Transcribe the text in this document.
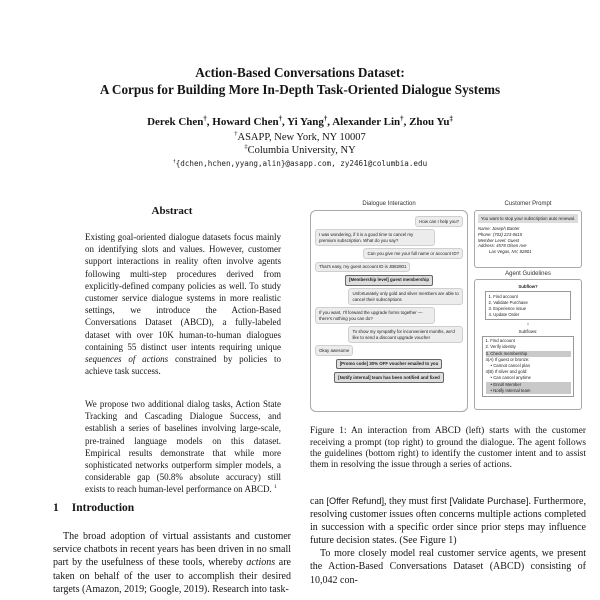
Action-Based Conversations Dataset:
A Corpus for Building More In-Depth Task-Oriented Dialogue Systems
Derek Chen†, Howard Chen†, Yi Yang†, Alexander Lin†, Zhou Yu‡
†ASAPP, New York, NY 10007
‡Columbia University, NY
†{dchen,hchen,yyang,alin}@asapp.com, zy2461@columbia.edu
Abstract

Existing goal-oriented dialogue datasets focus mainly on identifying slots and values. However, customer support interactions in reality often involve agents following multi-step procedures derived from explicitly-defined company policies as well. To study customer service dialogue systems in more realistic settings, we introduce the Action-Based Conversations Dataset (ABCD), a fully-labeled dataset with over 10K human-to-human dialogues containing 55 distinct user intents requiring unique sequences of actions constrained by policies to achieve task success.

We propose two additional dialog tasks, Action State Tracking and Cascading Dialogue Success, and establish a series of baselines involving large-scale, pre-trained language models on this dataset. Empirical results demonstrate that while more sophisticated networks outperform simpler models, a considerable gap (50.8% absolute accuracy) still exists to reach human-level performance on ABCD. $^1$

1 Introduction

The broad adoption of virtual assistants and customer service chatbots in recent years has been driven in no small part by the usefulness of these tools, whereby actions are taken on behalf of the user to accomplish their desired targets (Amazon, 2019; Google, 2019). Research into task-

Dialogue Interaction
How can I help you?
I was wondering, if it is a good time to cancel my premium subscription. What do you say?
Can you give me your full name or account ID?
That's easy, my guest account ID is JB82801
[Membership level] guest membership
Unfortunately only gold and silver members are able to cancel their subscriptions
If you want, I'll forward the upgrade forms together — there's nothing you can do?
To show my sympathy for inconvenient months, we'd like to send a discount upgrade voucher
Okay awesome
[Promo code] 30% OFF voucher emailed to you
[Notify internal] team has been notified and fixed
Customer Prompt
You want to stop your subscription auto renewal.
Name: Joseph Banter
Phone: (703) 223-0615
Member Level: Guest
Address: 4578 Olsen Ave
Las Vegas, NV, 82801
Agent Guidelines
Subflow?
1. Find account
2. Validate Purchase
3. Experience issue
4. Update Order
↓
Subflows:
1. Find account
2. Verify identity
3. Check membership
4(A) If guest or bronze:
• Cannot cancel plan
4(B) If silver and gold:
• Can cancel anytime
• Enroll Member
• Notify Internal team

Figure 1: An interaction from ABCD (left) starts with the customer receiving a prompt (top right) to ground the dialogue. The agent follows the guidelines (bottom right) to identify the customer intent and to assist them in resolving the issue through a series of actions.

can [Offer Refund], they must first [Validate Purchase]. Furthermore, resolving customer issues often concerns multiple actions completed in succession with a specific order since prior steps may influence future decision states. (See Figure 1)

To more closely model real customer service agents, we present the Action-Based Conversations Dataset (ABCD) consisting of 10,042 con-
